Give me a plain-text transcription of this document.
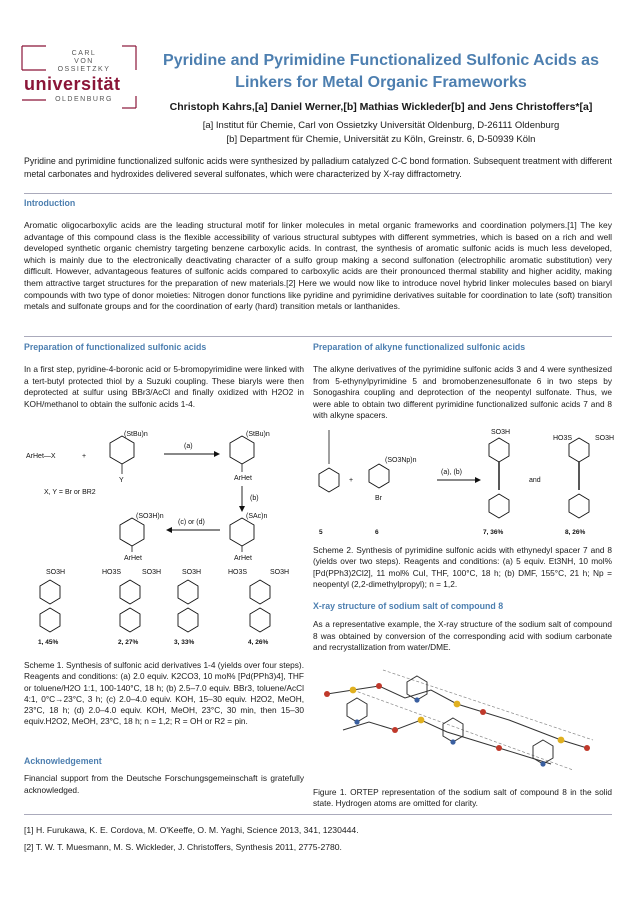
CARL
VON
OSSIETZKY
universität
OLDENBURG
Pyridine and Pyrimidine Functionalized Sulfonic Acids as
Linkers for Metal Organic Frameworks
Christoph Kahrs,[a] Daniel Werner,[b] Mathias Wickleder[b] and Jens Christoffers*[a]
[a] Institut für Chemie, Carl von Ossietzky Universität Oldenburg, D-26111 Oldenburg
[b] Department für Chemie, Universität zu Köln, Greinstr. 6, D-50939 Köln
Pyridine and pyrimidine functionalized sulfonic acids were synthesized by palladium catalyzed C-C bond formation. Subsequent treatment with different metal carbonates and hydroxides delivered several sulfonates, which were characterized by X-ray diffractometry.
Introduction
Aromatic oligocarboxylic acids are the leading structural motif for linker molecules in metal organic frameworks and coordination polymers.[1] The key advantage of this compound class is the flexible accessibility of various structural subtypes with different symmetries, which is based on a rich and well developed synthetic organic chemistry targeting benzene carboxylic acids. In contrast, the synthesis of aromatic sulfonic acids is much less developed, which is mainly due to the electronically deactivating character of a sulfo group making a second sulfonation (electrophilic aromatic substitution) very difficult. However, advantageous features of sulfonic acids compared to carboxylic acids are their pronounced thermal stability and higher acidity, making them attractive target structures for the preparation of new materials.[2] Here we would now like to introduce novel hybrid linker molecules based on biaryl compounds with two type of donor moieties: Nitrogen donor functions like pyridine and pyrimidine derivatives suitable for coordination to late (soft) transition metals and sulfonate groups and for the coordination of early (hard) transition metals or lanthanides.
Preparation of functionalized sulfonic acids
In a first step, pyridine-4-boronic acid or 5-bromopyrimidine were linked with a tert-butyl protected thiol by a Suzuki coupling. These biaryls were then deprotected at sulfur using BBr3/AcCl and finally oxidized with H2O2 in KOH/methanol to obtain the sulfonic acids 1-4.
ArHet—X	+
Y
(StBu)n
(a)
ArHet
(StBu)n
(b)
X, Y = Br or BR2
ArHet
(SO3H)n
(c) or (d)
ArHet
(SAc)n
SO3H	HO3S	SO3H	SO3H	HO3S	SO3H
1, 45%	2, 27%	3, 33%	4, 26%
Scheme 1. Synthesis of sulfonic acid derivatives 1-4 (yields over four steps). Reagents and conditions: (a) 2.0 equiv. K2CO3, 10 mol% [Pd(PPh3)4], THF or toluene/H2O 1:1, 100-140°C, 18 h; (b) 2.5–7.0 equiv. BBr3, toluene/AcCl 4:1, 0°C→23°C, 3 h; (c) 2.0–4.0 equiv. KOH, 15–30 equiv. H2O2, MeOH, 23°C, 18 h; (d) 2.0–4.0 equiv. KOH, MeOH, 23°C, 30 min, then 15–30 equiv.H2O2, MeOH, 23°C, 18 h; n = 1,2; R = OH or R2 = pin.
Acknowledgement
Financial support from the Deutsche Forschungsgemeinschaft is gratefully acknowledged.
Preparation of alkyne functionalized sulfonic acids
The alkyne derivatives of the pyrimidine sulfonic acids 3 and 4 were synthesized from 5-ethynylpyrimidine 5 and bromobenzenesulfonate 6 in two steps by Sonogashira coupling and deprotection of the neopentyl sulfonate. Thus, we were able to obtain two different pyrimidine functionalized sulfonic acids 7 and 8 with alkyne spacers.
+
(SO3Np)n
Br
(a), (b)
SO3H
and
HO3S	SO3H
5	6	7, 36%	8, 26%
Scheme 2. Synthesis of pyrimidine sulfonic acids with ethynedyl spacer 7 and 8 (yields over two steps). Reagents and conditions: (a) 5 equiv. Et3NH, 10 mol% [Pd(PPh3)2Cl2], 11 mol% CuI, THF, 100°C, 18 h; (b) DMF, 155°C, 21 h; Np = neopentyl (2,2-dimethylpropyl); n = 1,2.
X-ray structure of sodium salt of compound 8
As a representative example, the X-ray structure of the sodium salt of compound 8 was obtained by conversion of the corresponding acid with sodium carbonate and recrystallization from water/DME.
Figure 1. ORTEP representation of the sodium salt of compound 8 in the solid state. Hydrogen atoms are omitted for clarity.
[1] H. Furukawa, K. E. Cordova, M. O'Keeffe, O. M. Yaghi, Science 2013, 341, 1230444.
[2] T. W. T. Muesmann, M. S. Wickleder, J. Christoffers, Synthesis 2011, 2775-2780.
